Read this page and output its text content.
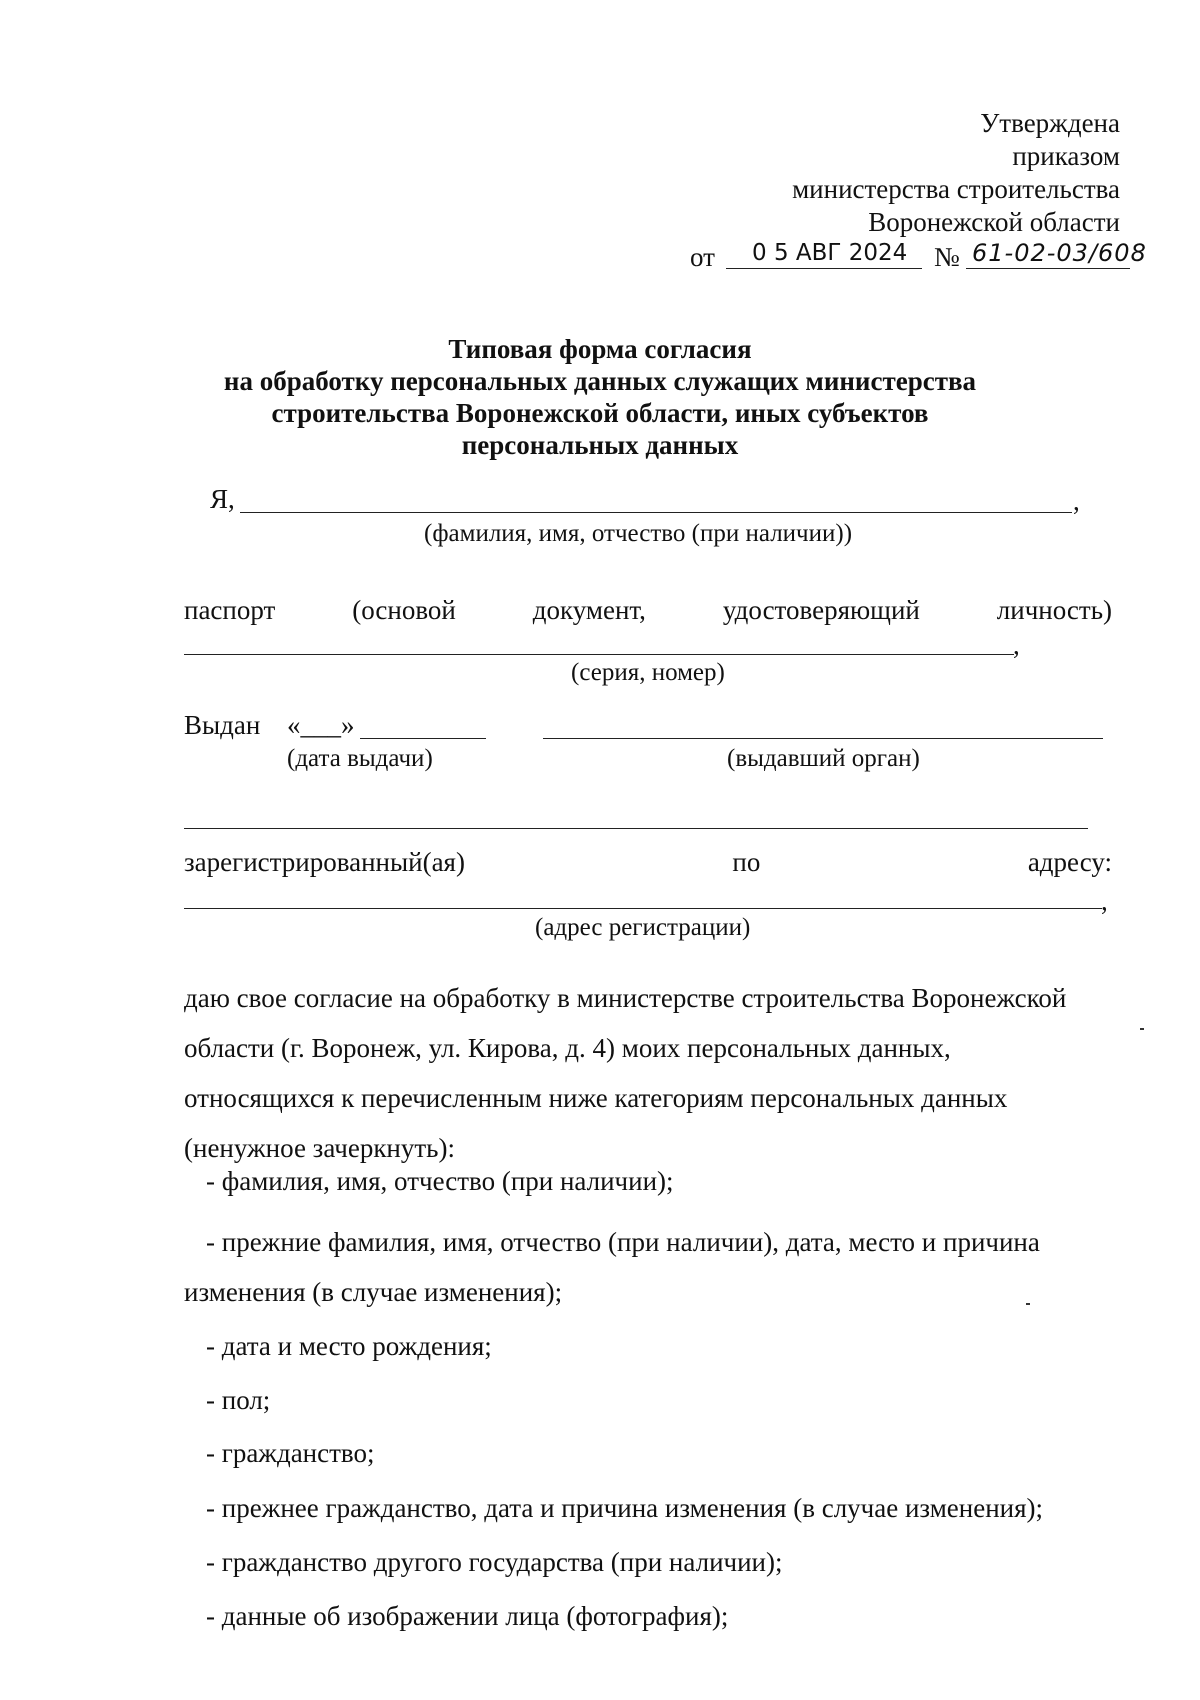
Утверждена
приказом
министерства строительства
Воронежской области
от 0 5 АВГ 2024 № 61-02-03/608
Типовая форма согласия
на обработку персональных данных служащих министерства
строительства Воронежской области, иных субъектов
персональных данных
Я,	,
(фамилия, имя, отчество (при наличии))
паспорт	(основой	документ,	удостоверяющий	личность)
,
(серия, номер)
Выдан «___»
(дата выдачи)	(выдавший орган)
зарегистрированный(ая)	по	адресу:
,
(адрес регистрации)
даю свое согласие на обработку в министерстве строительства Воронежской
области (г. Воронеж, ул. Кирова, д. 4) моих персональных данных,
относящихся к перечисленным ниже категориям персональных данных
(ненужное зачеркнуть):
- фамилия, имя, отчество (при наличии);
- прежние фамилия, имя, отчество (при наличии), дата, место и причина
изменения (в случае изменения);
- дата и место рождения;
- пол;
- гражданство;
- прежнее гражданство, дата и причина изменения (в случае изменения);
- гражданство другого государства (при наличии);
- данные об изображении лица (фотография);
